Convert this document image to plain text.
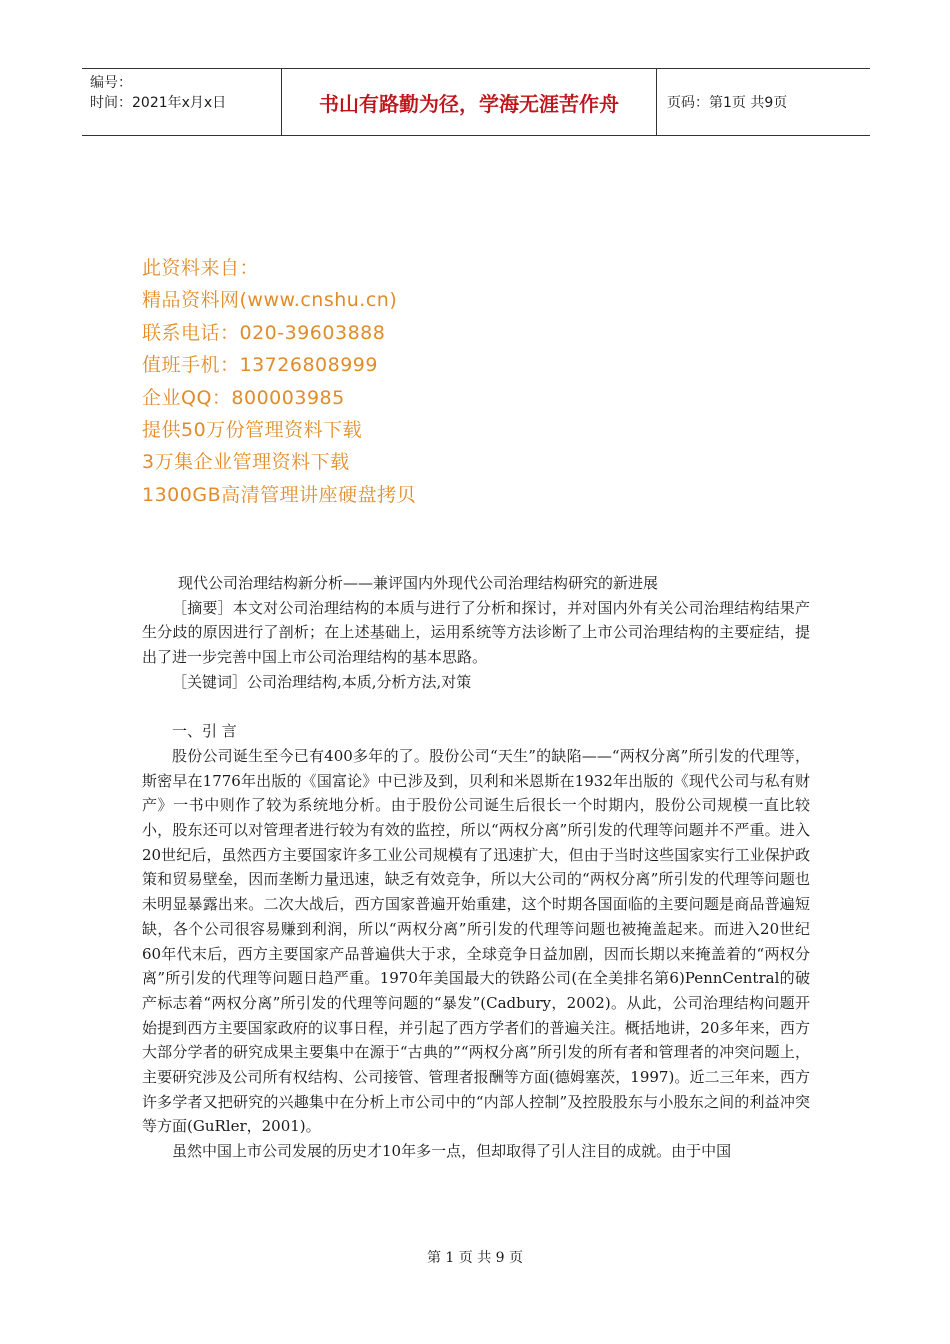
编号：
时间：2021年x月x日	书山有路勤为径，学海无涯苦作舟	页码：第1页 共9页
此资料来自：
精品资料网(www.cnshu.cn)
联系电话：020-39603888
值班手机：13726808999
企业QQ：800003985
提供50万份管理资料下载
3万集企业管理资料下载
1300GB高清管理讲座硬盘拷贝

现代公司治理结构新分析——兼评国内外现代公司治理结构研究的新进展

［摘要］本文对公司治理结构的本质与进行了分析和探讨，并对国内外有关公司治理结构结果产生分歧的原因进行了剖析；在上述基础上，运用系统等方法诊断了上市公司治理结构的主要症结，提出了进一步完善中国上市公司治理结构的基本思路。

［关键词］公司治理结构,本质,分析方法,对策

一、引 言

股份公司诞生至今已有400多年的了。股份公司“天生”的缺陷——“两权分离”所引发的代理等，斯密早在1776年出版的《国富论》中已涉及到，贝利和米恩斯在1932年出版的《现代公司与私有财产》一书中则作了较为系统地分析。由于股份公司诞生后很长一个时期内，股份公司规模一直比较小，股东还可以对管理者进行较为有效的监控，所以“两权分离”所引发的代理等问题并不严重。进入20世纪后，虽然西方主要国家许多工业公司规模有了迅速扩大，但由于当时这些国家实行工业保护政策和贸易壁垒，因而垄断力量迅速，缺乏有效竞争，所以大公司的“两权分离”所引发的代理等问题也未明显暴露出来。二次大战后，西方国家普遍开始重建，这个时期各国面临的主要问题是商品普遍短缺，各个公司很容易赚到利润，所以“两权分离”所引发的代理等问题也被掩盖起来。而进入20世纪60年代末后，西方主要国家产品普遍供大于求，全球竞争日益加剧，因而长期以来掩盖着的“两权分离”所引发的代理等问题日趋严重。1970年美国最大的铁路公司(在全美排名第6)PennCentral的破产标志着“两权分离”所引发的代理等问题的“暴发”(Cadbury，2002)。从此，公司治理结构问题开始提到西方主要国家政府的议事日程，并引起了西方学者们的普遍关注。概括地讲，20多年来，西方大部分学者的研究成果主要集中在源于“古典的”“两权分离”所引发的所有者和管理者的冲突问题上，主要研究涉及公司所有权结构、公司接管、管理者报酬等方面(德姆塞茨，1997)。近二三年来，西方许多学者又把研究的兴趣集中在分析上市公司中的“内部人控制”及控股股东与小股东之间的利益冲突等方面(GuRler，2001)。

虽然中国上市公司发展的历史才10年多一点，但却取得了引人注目的成就。由于中国

第 1 页 共 9 页
